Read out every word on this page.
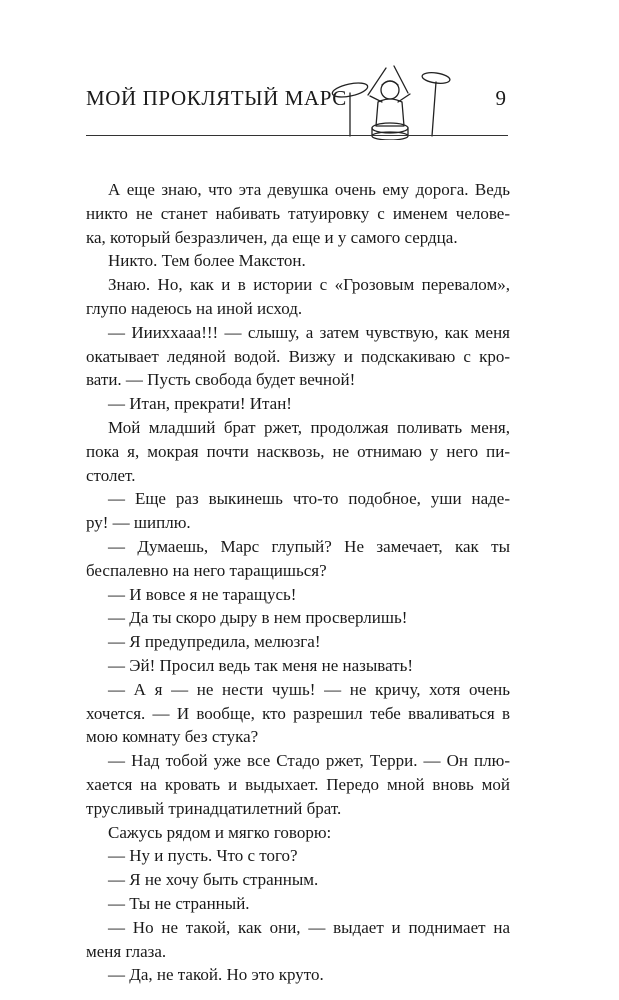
МОЙ ПРОКЛЯТЫЙ МАРС	9
А еще знаю, что эта девушка очень ему дорога. Ведь
никто не станет набивать татуировку с именем челове-
ка, который безразличен, да еще и у самого сердца.
Никто. Тем более Макстон.
Знаю. Но, как и в истории с «Грозовым перевалом»,
глупо надеюсь на иной исход.
— Иииххааа!!! — слышу, а затем чувствую, как меня
окатывает ледяной водой. Визжу и подскакиваю с кро-
вати. — Пусть свобода будет вечной!
— Итан, прекрати! Итан!
Мой младший брат ржет, продолжая поливать меня,
пока я, мокрая почти насквозь, не отнимаю у него пи-
столет.
— Еще раз выкинешь что-то подобное, уши наде-
ру! — шиплю.
— Думаешь, Марс глупый? Не замечает, как ты
беспалевно на него таращишься?
— И вовсе я не таращусь!
— Да ты скоро дыру в нем просверлишь!
— Я предупредила, мелюзга!
— Эй! Просил ведь так меня не называть!
— А я — не нести чушь! — не кричу, хотя очень
хочется. — И вообще, кто разрешил тебе вваливаться в
мою комнату без стука?
— Над тобой уже все Стадо ржет, Терри. — Он плю-
хается на кровать и выдыхает. Передо мной вновь мой
трусливый тринадцатилетний брат.
Сажусь рядом и мягко говорю:
— Ну и пусть. Что с того?
— Я не хочу быть странным.
— Ты не странный.
— Но не такой, как они, — выдает и поднимает на
меня глаза.
— Да, не такой. Но это круто.
